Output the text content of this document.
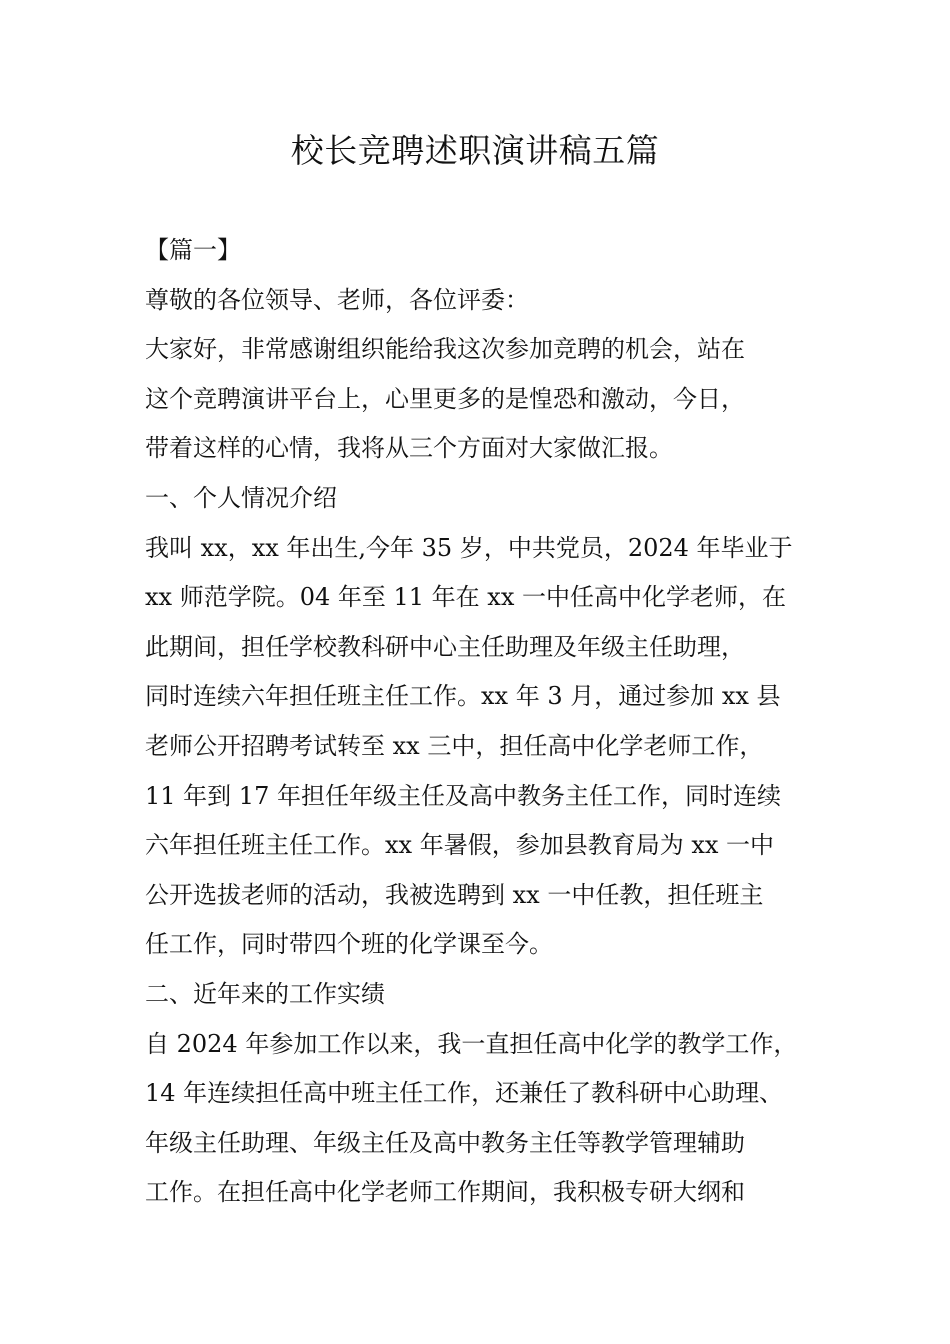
校长竞聘述职演讲稿五篇

【篇一】

尊敬的各位领导、老师，各位评委：

大家好，非常感谢组织能给我这次参加竞聘的机会，站在

这个竞聘演讲平台上，心里更多的是惶恐和激动，今日，

带着这样的心情，我将从三个方面对大家做汇报。

一、个人情况介绍

我叫 xx，xx 年出生,今年 35 岁，中共党员，2024 年毕业于

xx 师范学院。04 年至 11 年在 xx 一中任高中化学老师，在

此期间，担任学校教科研中心主任助理及年级主任助理，

同时连续六年担任班主任工作。xx 年 3 月，通过参加 xx 县

老师公开招聘考试转至 xx 三中，担任高中化学老师工作，

11 年到 17 年担任年级主任及高中教务主任工作，同时连续

六年担任班主任工作。xx 年暑假，参加县教育局为 xx 一中

公开选拔老师的活动，我被选聘到 xx 一中任教，担任班主

任工作，同时带四个班的化学课至今。

二、近年来的工作实绩

自 2024 年参加工作以来，我一直担任高中化学的教学工作，

14 年连续担任高中班主任工作，还兼任了教科研中心助理、

年级主任助理、年级主任及高中教务主任等教学管理辅助

工作。在担任高中化学老师工作期间，我积极专研大纲和
